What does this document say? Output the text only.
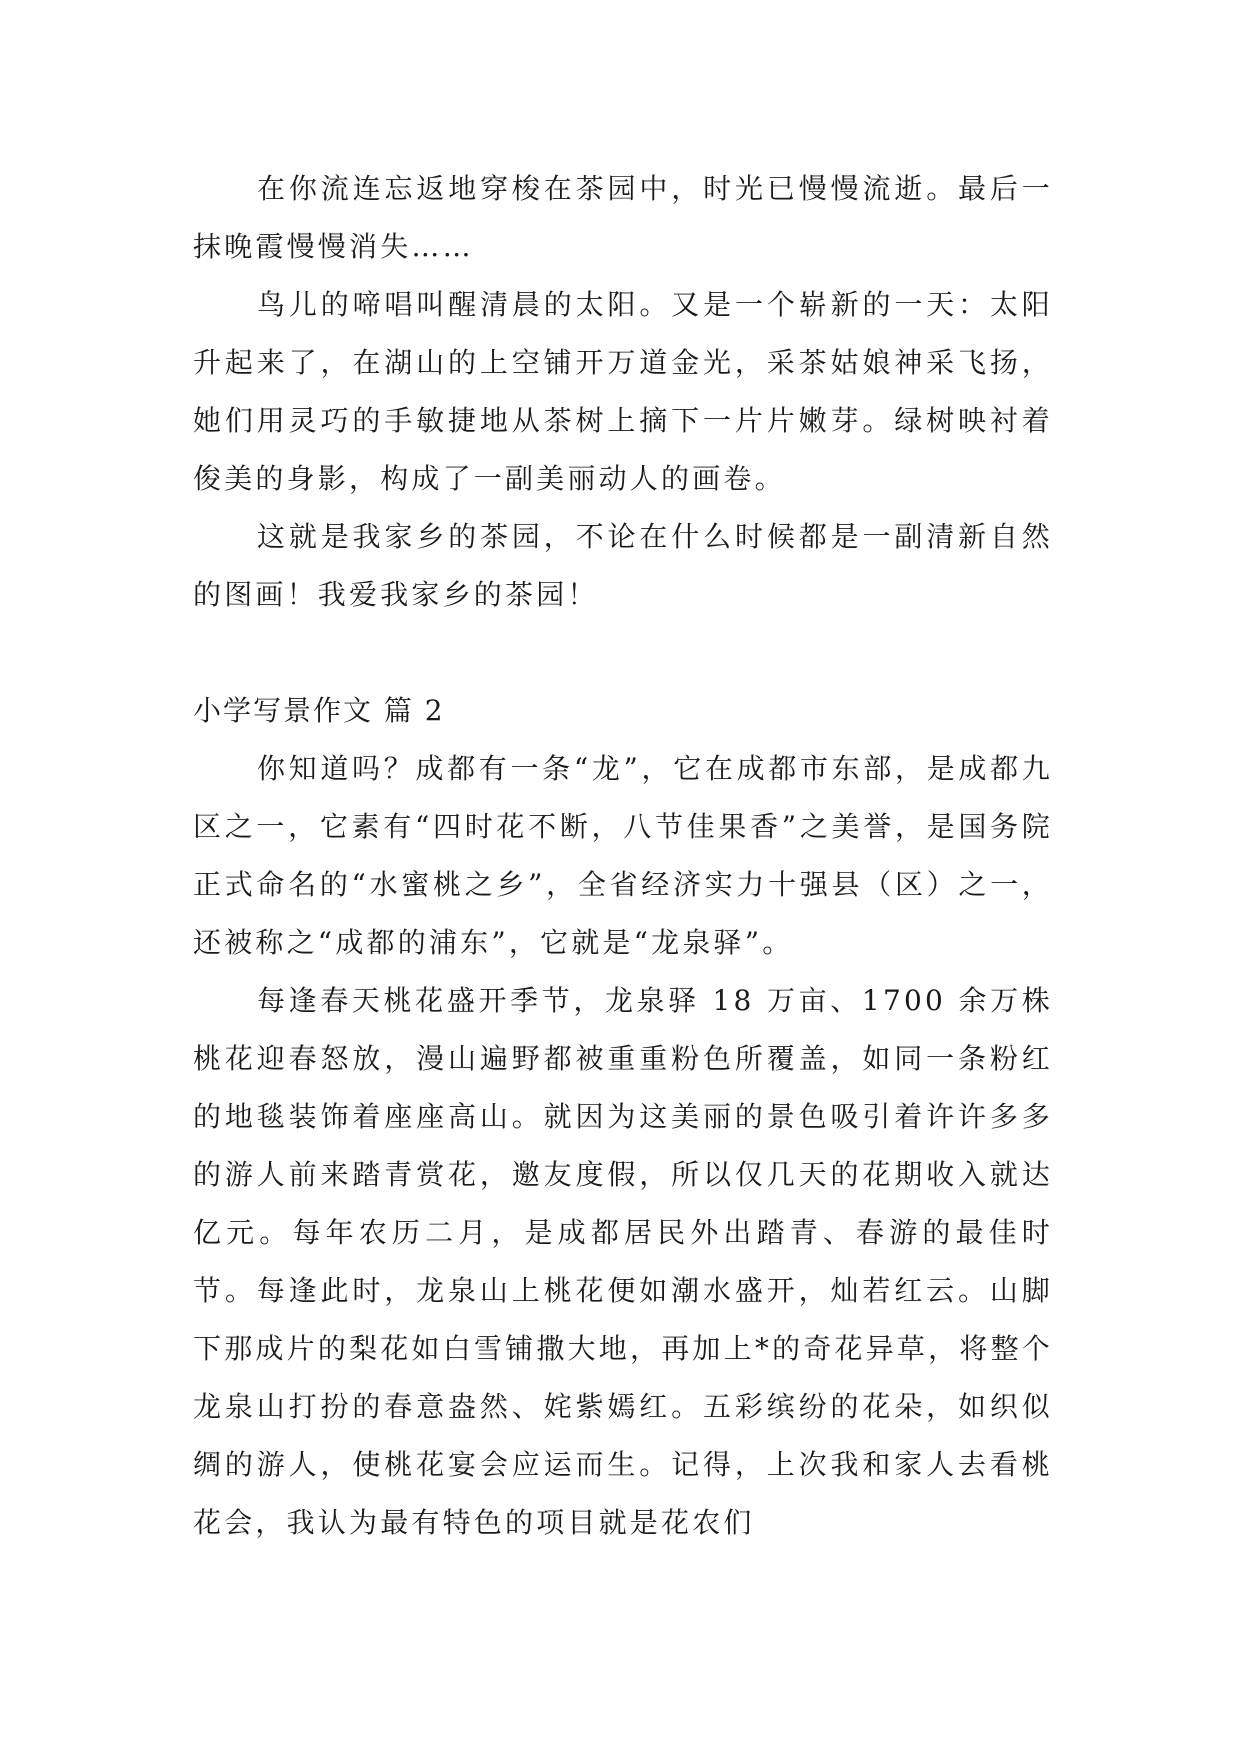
在你流连忘返地穿梭在茶园中，时光已慢慢流逝。最后一抹晚霞慢慢消失……

鸟儿的啼唱叫醒清晨的太阳。又是一个崭新的一天：太阳升起来了，在湖山的上空铺开万道金光，采茶姑娘神采飞扬，她们用灵巧的手敏捷地从茶树上摘下一片片嫩芽。绿树映衬着俊美的身影，构成了一副美丽动人的画卷。

这就是我家乡的茶园，不论在什么时候都是一副清新自然的图画！我爱我家乡的茶园！

小学写景作文 篇 2

你知道吗？成都有一条“龙”，它在成都市东部，是成都九区之一，它素有“四时花不断，八节佳果香”之美誉，是国务院正式命名的“水蜜桃之乡”，全省经济实力十强县（区）之一，还被称之“成都的浦东”，它就是“龙泉驿”。

每逢春天桃花盛开季节，龙泉驿 18 万亩、1700 余万株桃花迎春怒放，漫山遍野都被重重粉色所覆盖，如同一条粉红的地毯装饰着座座高山。就因为这美丽的景色吸引着许许多多的游人前来踏青赏花，邀友度假，所以仅几天的花期收入就达亿元。每年农历二月，是成都居民外出踏青、春游的最佳时节。每逢此时，龙泉山上桃花便如潮水盛开，灿若红云。山脚下那成片的梨花如白雪铺撒大地，再加上*的奇花异草，将整个龙泉山打扮的春意盎然、姹紫嫣红。五彩缤纷的花朵，如织似绸的游人，使桃花宴会应运而生。记得，上次我和家人去看桃花会，我认为最有特色的项目就是花农们
